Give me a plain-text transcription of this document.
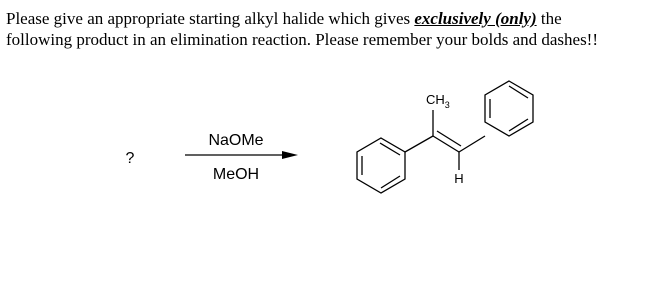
Please give an appropriate starting alkyl halide which gives exclusively (only) the
following product in an elimination reaction. Please remember your bolds and dashes!!
?
NaOMe
MeOH
$CH_3$
H
